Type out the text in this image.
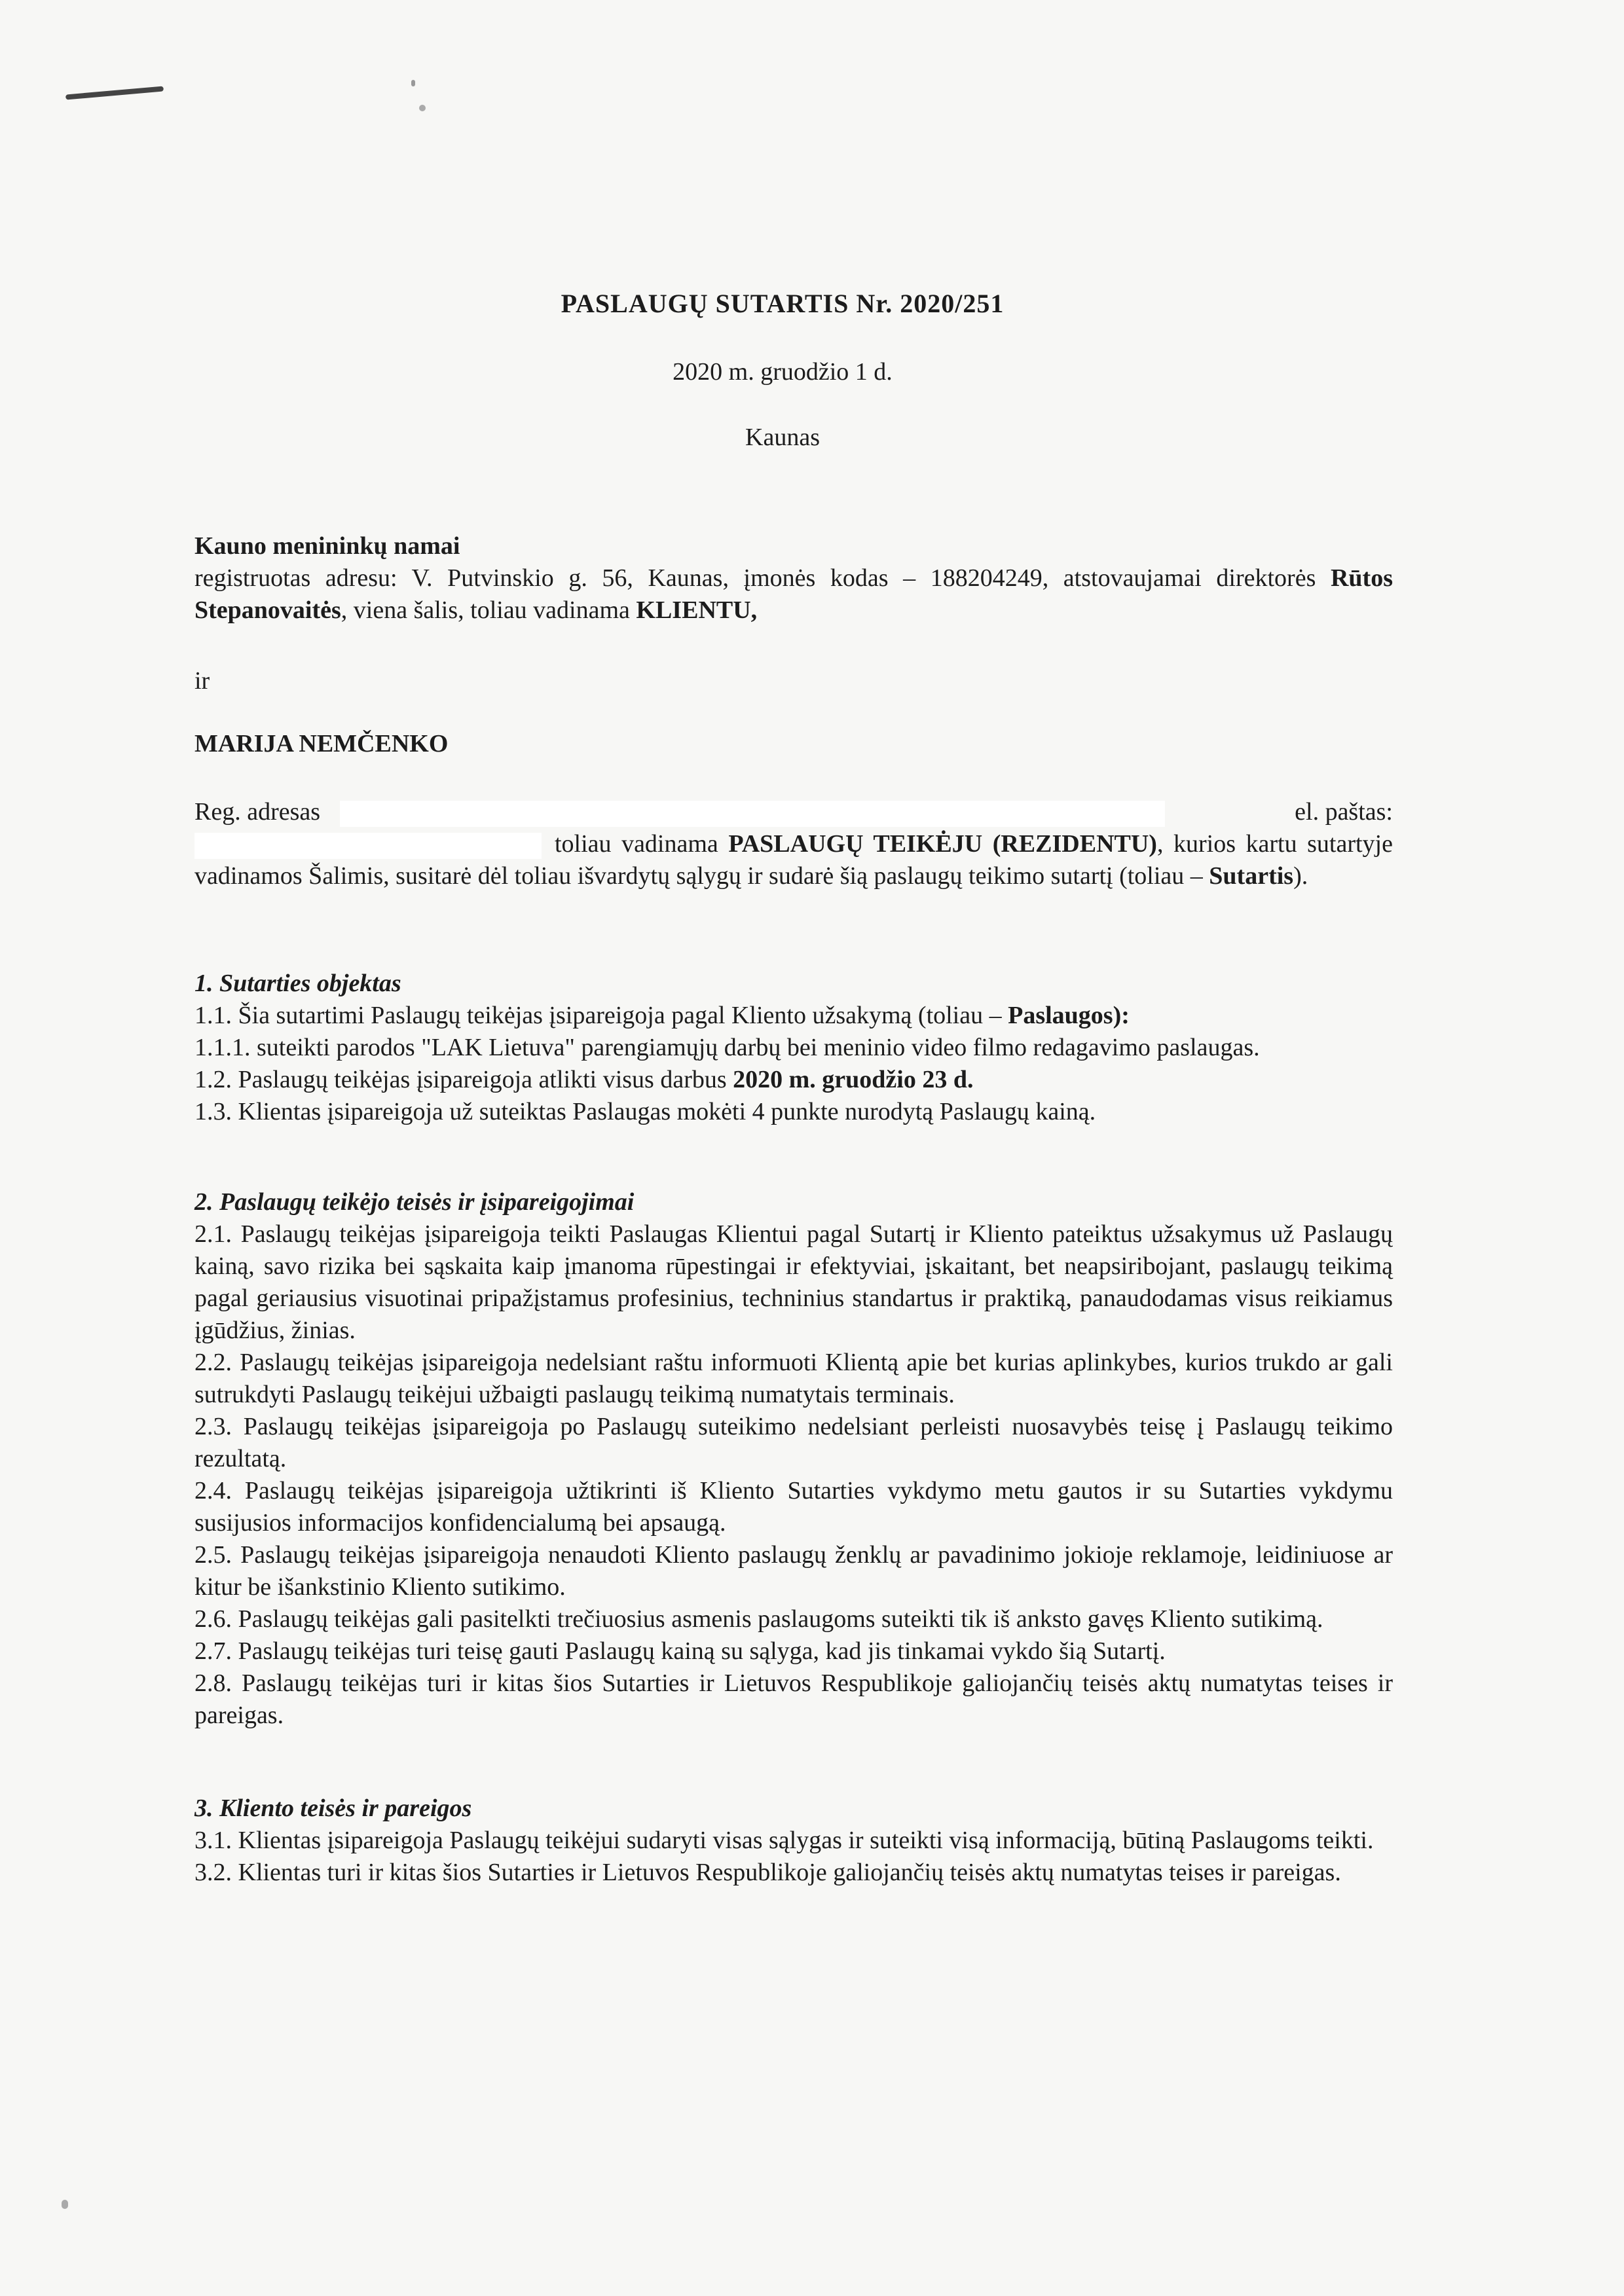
PASLAUGŲ SUTARTIS Nr. 2020/251
2020 m. gruodžio 1 d.
Kaunas

Kauno menininkų namai

registruotas adresu: V. Putvinskio g. 56, Kaunas, įmonės kodas – 188204249, atstovaujamai direktorės Rūtos Stepanovaitės, viena šalis, toliau vadinama KLIENTU,

ir

MARIJA NEMČENKO

Reg. adresas	el. paštas:

toliau vadinama PASLAUGŲ TEIKĖJU (REZIDENTU), kurios kartu sutartyje vadinamos Šalimis, susitarė dėl toliau išvardytų sąlygų ir sudarė šią paslaugų teikimo sutartį (toliau – Sutartis).

1. Sutarties objektas

1.1. Šia sutartimi Paslaugų teikėjas įsipareigoja pagal Kliento užsakymą (toliau – Paslaugos):

1.1.1. suteikti parodos "LAK Lietuva" parengiamųjų darbų bei meninio video filmo redagavimo paslaugas.

1.2. Paslaugų teikėjas įsipareigoja atlikti visus darbus 2020 m. gruodžio 23 d.

1.3. Klientas įsipareigoja už suteiktas Paslaugas mokėti 4 punkte nurodytą Paslaugų kainą.

2. Paslaugų teikėjo teisės ir įsipareigojimai

2.1. Paslaugų teikėjas įsipareigoja teikti Paslaugas Klientui pagal Sutartį ir Kliento pateiktus užsakymus už Paslaugų kainą, savo rizika bei sąskaita kaip įmanoma rūpestingai ir efektyviai, įskaitant, bet neapsiribojant, paslaugų teikimą pagal geriausius visuotinai pripažįstamus profesinius, techninius standartus ir praktiką, panaudodamas visus reikiamus įgūdžius, žinias.

2.2. Paslaugų teikėjas įsipareigoja nedelsiant raštu informuoti Klientą apie bet kurias aplinkybes, kurios trukdo ar gali sutrukdyti Paslaugų teikėjui užbaigti paslaugų teikimą numatytais terminais.

2.3. Paslaugų teikėjas įsipareigoja po Paslaugų suteikimo nedelsiant perleisti nuosavybės teisę į Paslaugų teikimo rezultatą.

2.4. Paslaugų teikėjas įsipareigoja užtikrinti iš Kliento Sutarties vykdymo metu gautos ir su Sutarties vykdymu susijusios informacijos konfidencialumą bei apsaugą.

2.5. Paslaugų teikėjas įsipareigoja nenaudoti Kliento paslaugų ženklų ar pavadinimo jokioje reklamoje, leidiniuose ar kitur be išankstinio Kliento sutikimo.

2.6. Paslaugų teikėjas gali pasitelkti trečiuosius asmenis paslaugoms suteikti tik iš anksto gavęs Kliento sutikimą.

2.7. Paslaugų teikėjas turi teisę gauti Paslaugų kainą su sąlyga, kad jis tinkamai vykdo šią Sutartį.

2.8. Paslaugų teikėjas turi ir kitas šios Sutarties ir Lietuvos Respublikoje galiojančių teisės aktų numatytas teises ir pareigas.

3. Kliento teisės ir pareigos

3.1. Klientas įsipareigoja Paslaugų teikėjui sudaryti visas sąlygas ir suteikti visą informaciją, būtiną Paslaugoms teikti.

3.2. Klientas turi ir kitas šios Sutarties ir Lietuvos Respublikoje galiojančių teisės aktų numatytas teises ir pareigas.
